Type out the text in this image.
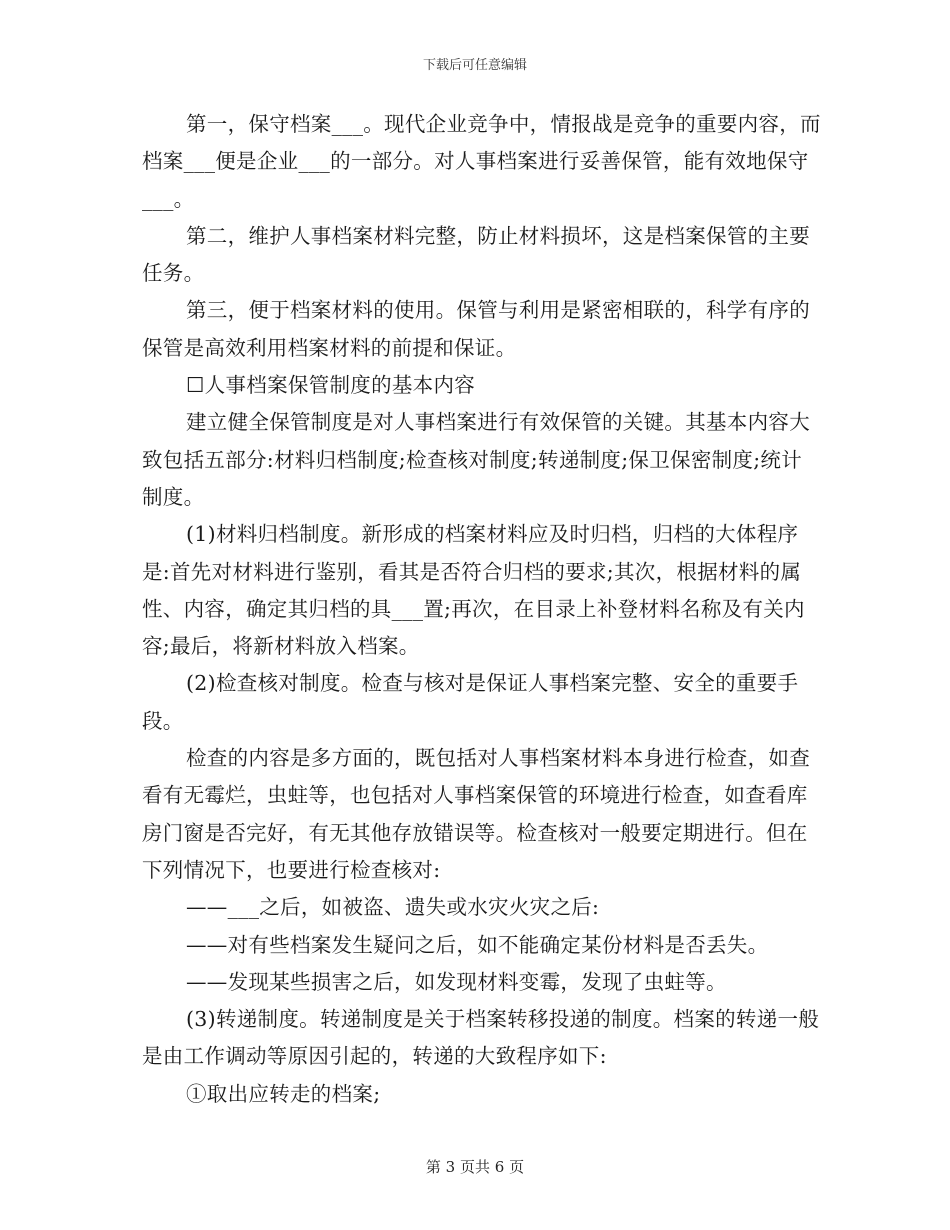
下载后可任意编辑

第一，保守档案___。现代企业竞争中，情报战是竞争的重要内容，而档案___便是企业___的一部分。对人事档案进行妥善保管，能有效地保守___。

第二，维护人事档案材料完整，防止材料损坏，这是档案保管的主要任务。

第三，便于档案材料的使用。保管与利用是紧密相联的，科学有序的保管是高效利用档案材料的前提和保证。

☐人事档案保管制度的基本内容

建立健全保管制度是对人事档案进行有效保管的关键。其基本内容大致包括五部分:材料归档制度;检查核对制度;转递制度;保卫保密制度;统计制度。

(1)材料归档制度。新形成的档案材料应及时归档，归档的大体程序是:首先对材料进行鉴别，看其是否符合归档的要求;其次，根据材料的属性、内容，确定其归档的具___置;再次，在目录上补登材料名称及有关内容;最后，将新材料放入档案。

(2)检查核对制度。检查与核对是保证人事档案完整、安全的重要手段。

检查的内容是多方面的，既包括对人事档案材料本身进行检查，如查看有无霉烂，虫蛀等，也包括对人事档案保管的环境进行检查，如查看库房门窗是否完好，有无其他存放错误等。检查核对一般要定期进行。但在下列情况下，也要进行检查核对:

——___之后，如被盗、遗失或水灾火灾之后:

——对有些档案发生疑问之后，如不能确定某份材料是否丢失。

——发现某些损害之后，如发现材料变霉，发现了虫蛀等。

(3)转递制度。转递制度是关于档案转移投递的制度。档案的转递一般是由工作调动等原因引起的，转递的大致程序如下:

①取出应转走的档案;

第 3 页共 6 页
